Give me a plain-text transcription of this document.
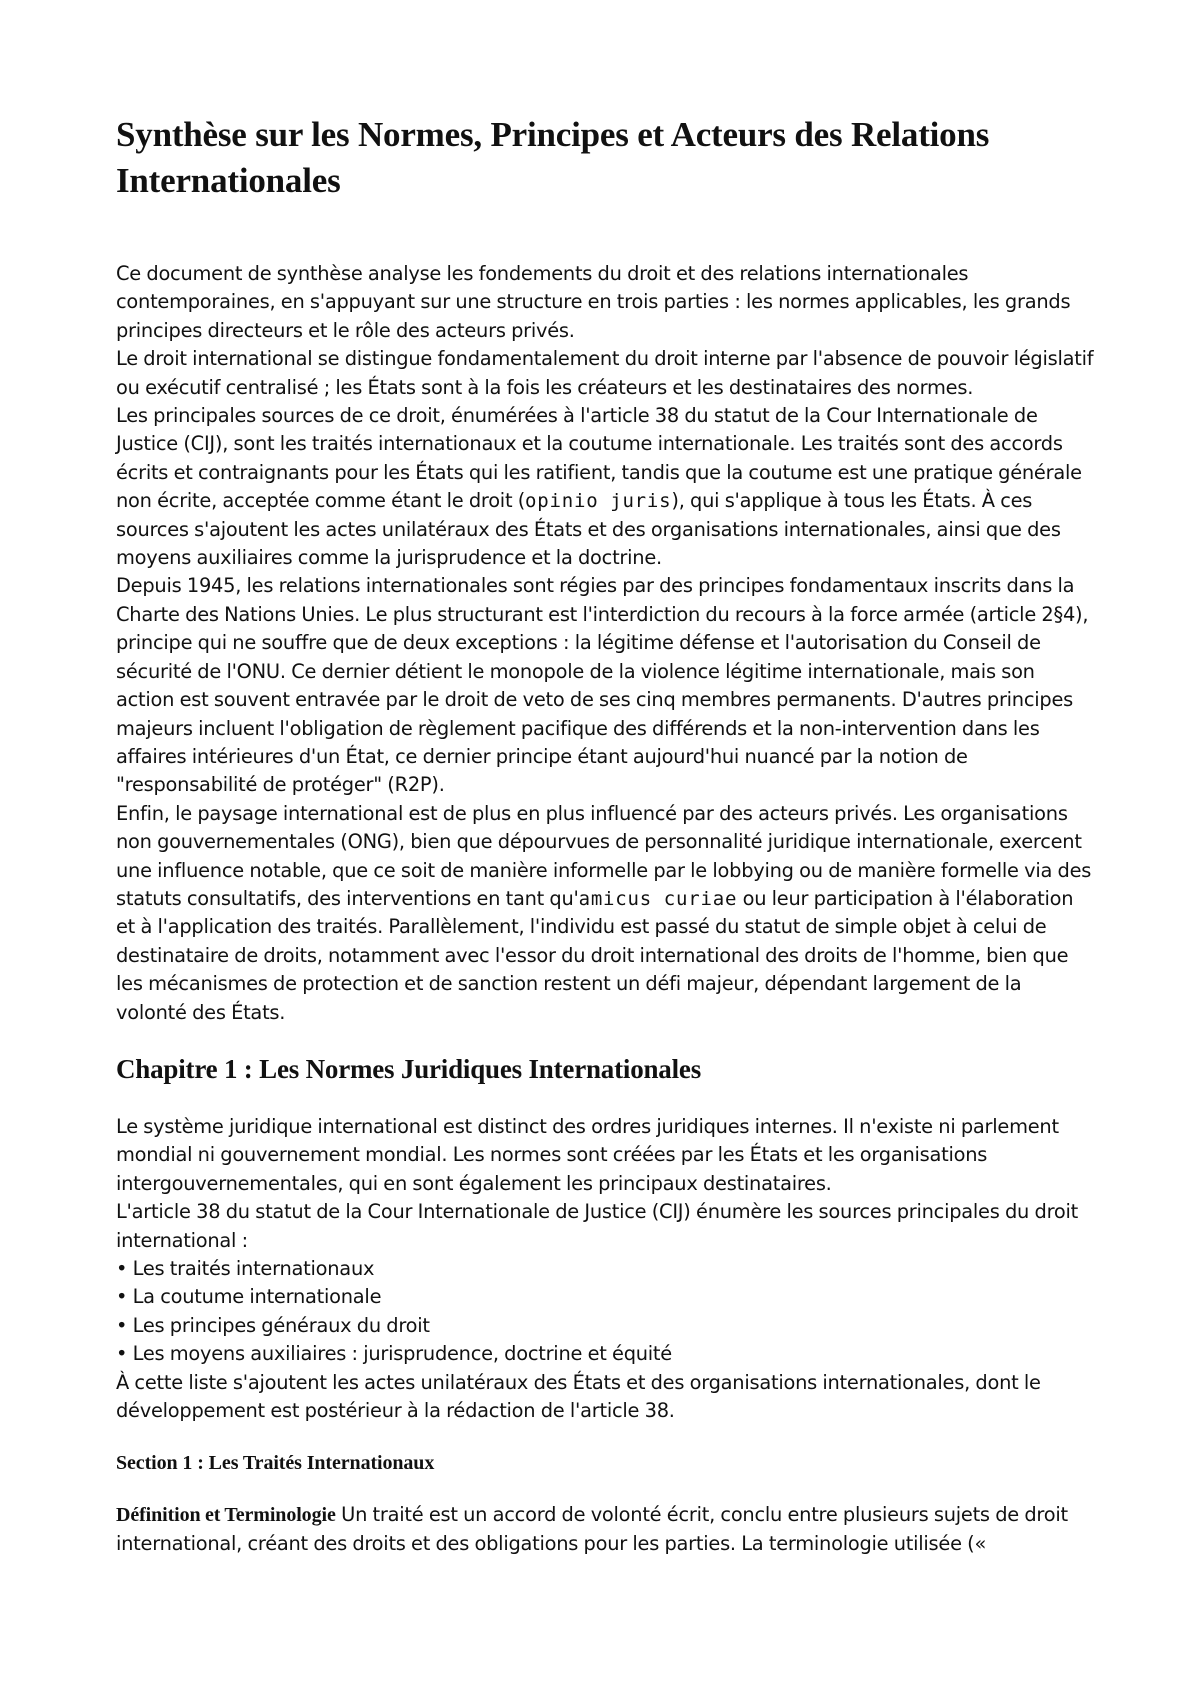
Synthèse sur les Normes, Principes et Acteurs des Relations Internationales

Ce document de synthèse analyse les fondements du droit et des relations internationales contemporaines, en s'appuyant sur une structure en trois parties : les normes applicables, les grands principes directeurs et le rôle des acteurs privés.

Le droit international se distingue fondamentalement du droit interne par l'absence de pouvoir législatif ou exécutif centralisé ; les États sont à la fois les créateurs et les destinataires des normes.

Les principales sources de ce droit, énumérées à l'article 38 du statut de la Cour Internationale de Justice (CIJ), sont les traités internationaux et la coutume internationale. Les traités sont des accords écrits et contraignants pour les États qui les ratifient, tandis que la coutume est une pratique générale non écrite, acceptée comme étant le droit (opinio juris), qui s'applique à tous les États. À ces sources s'ajoutent les actes unilatéraux des États et des organisations internationales, ainsi que des moyens auxiliaires comme la jurisprudence et la doctrine.

Depuis 1945, les relations internationales sont régies par des principes fondamentaux inscrits dans la Charte des Nations Unies. Le plus structurant est l'interdiction du recours à la force armée (article 2§4), principe qui ne souffre que de deux exceptions : la légitime défense et l'autorisation du Conseil de sécurité de l'ONU. Ce dernier détient le monopole de la violence légitime internationale, mais son action est souvent entravée par le droit de veto de ses cinq membres permanents. D'autres principes majeurs incluent l'obligation de règlement pacifique des différends et la non-intervention dans les affaires intérieures d'un État, ce dernier principe étant aujourd'hui nuancé par la notion de "responsabilité de protéger" (R2P).

Enfin, le paysage international est de plus en plus influencé par des acteurs privés. Les organisations non gouvernementales (ONG), bien que dépourvues de personnalité juridique internationale, exercent une influence notable, que ce soit de manière informelle par le lobbying ou de manière formelle via des statuts consultatifs, des interventions en tant qu'amicus curiae ou leur participation à l'élaboration et à l'application des traités. Parallèlement, l'individu est passé du statut de simple objet à celui de destinataire de droits, notamment avec l'essor du droit international des droits de l'homme, bien que les mécanismes de protection et de sanction restent un défi majeur, dépendant largement de la volonté des États.

Chapitre 1 : Les Normes Juridiques Internationales

Le système juridique international est distinct des ordres juridiques internes. Il n'existe ni parlement mondial ni gouvernement mondial. Les normes sont créées par les États et les organisations intergouvernementales, qui en sont également les principaux destinataires.

L'article 38 du statut de la Cour Internationale de Justice (CIJ) énumère les sources principales du droit international :

• Les traités internationaux
• La coutume internationale
• Les principes généraux du droit
• Les moyens auxiliaires : jurisprudence, doctrine et équité

À cette liste s'ajoutent les actes unilatéraux des États et des organisations internationales, dont le développement est postérieur à la rédaction de l'article 38.

Section 1 : Les Traités Internationaux

Définition et Terminologie Un traité est un accord de volonté écrit, conclu entre plusieurs sujets de droit international, créant des droits et des obligations pour les parties. La terminologie utilisée («
